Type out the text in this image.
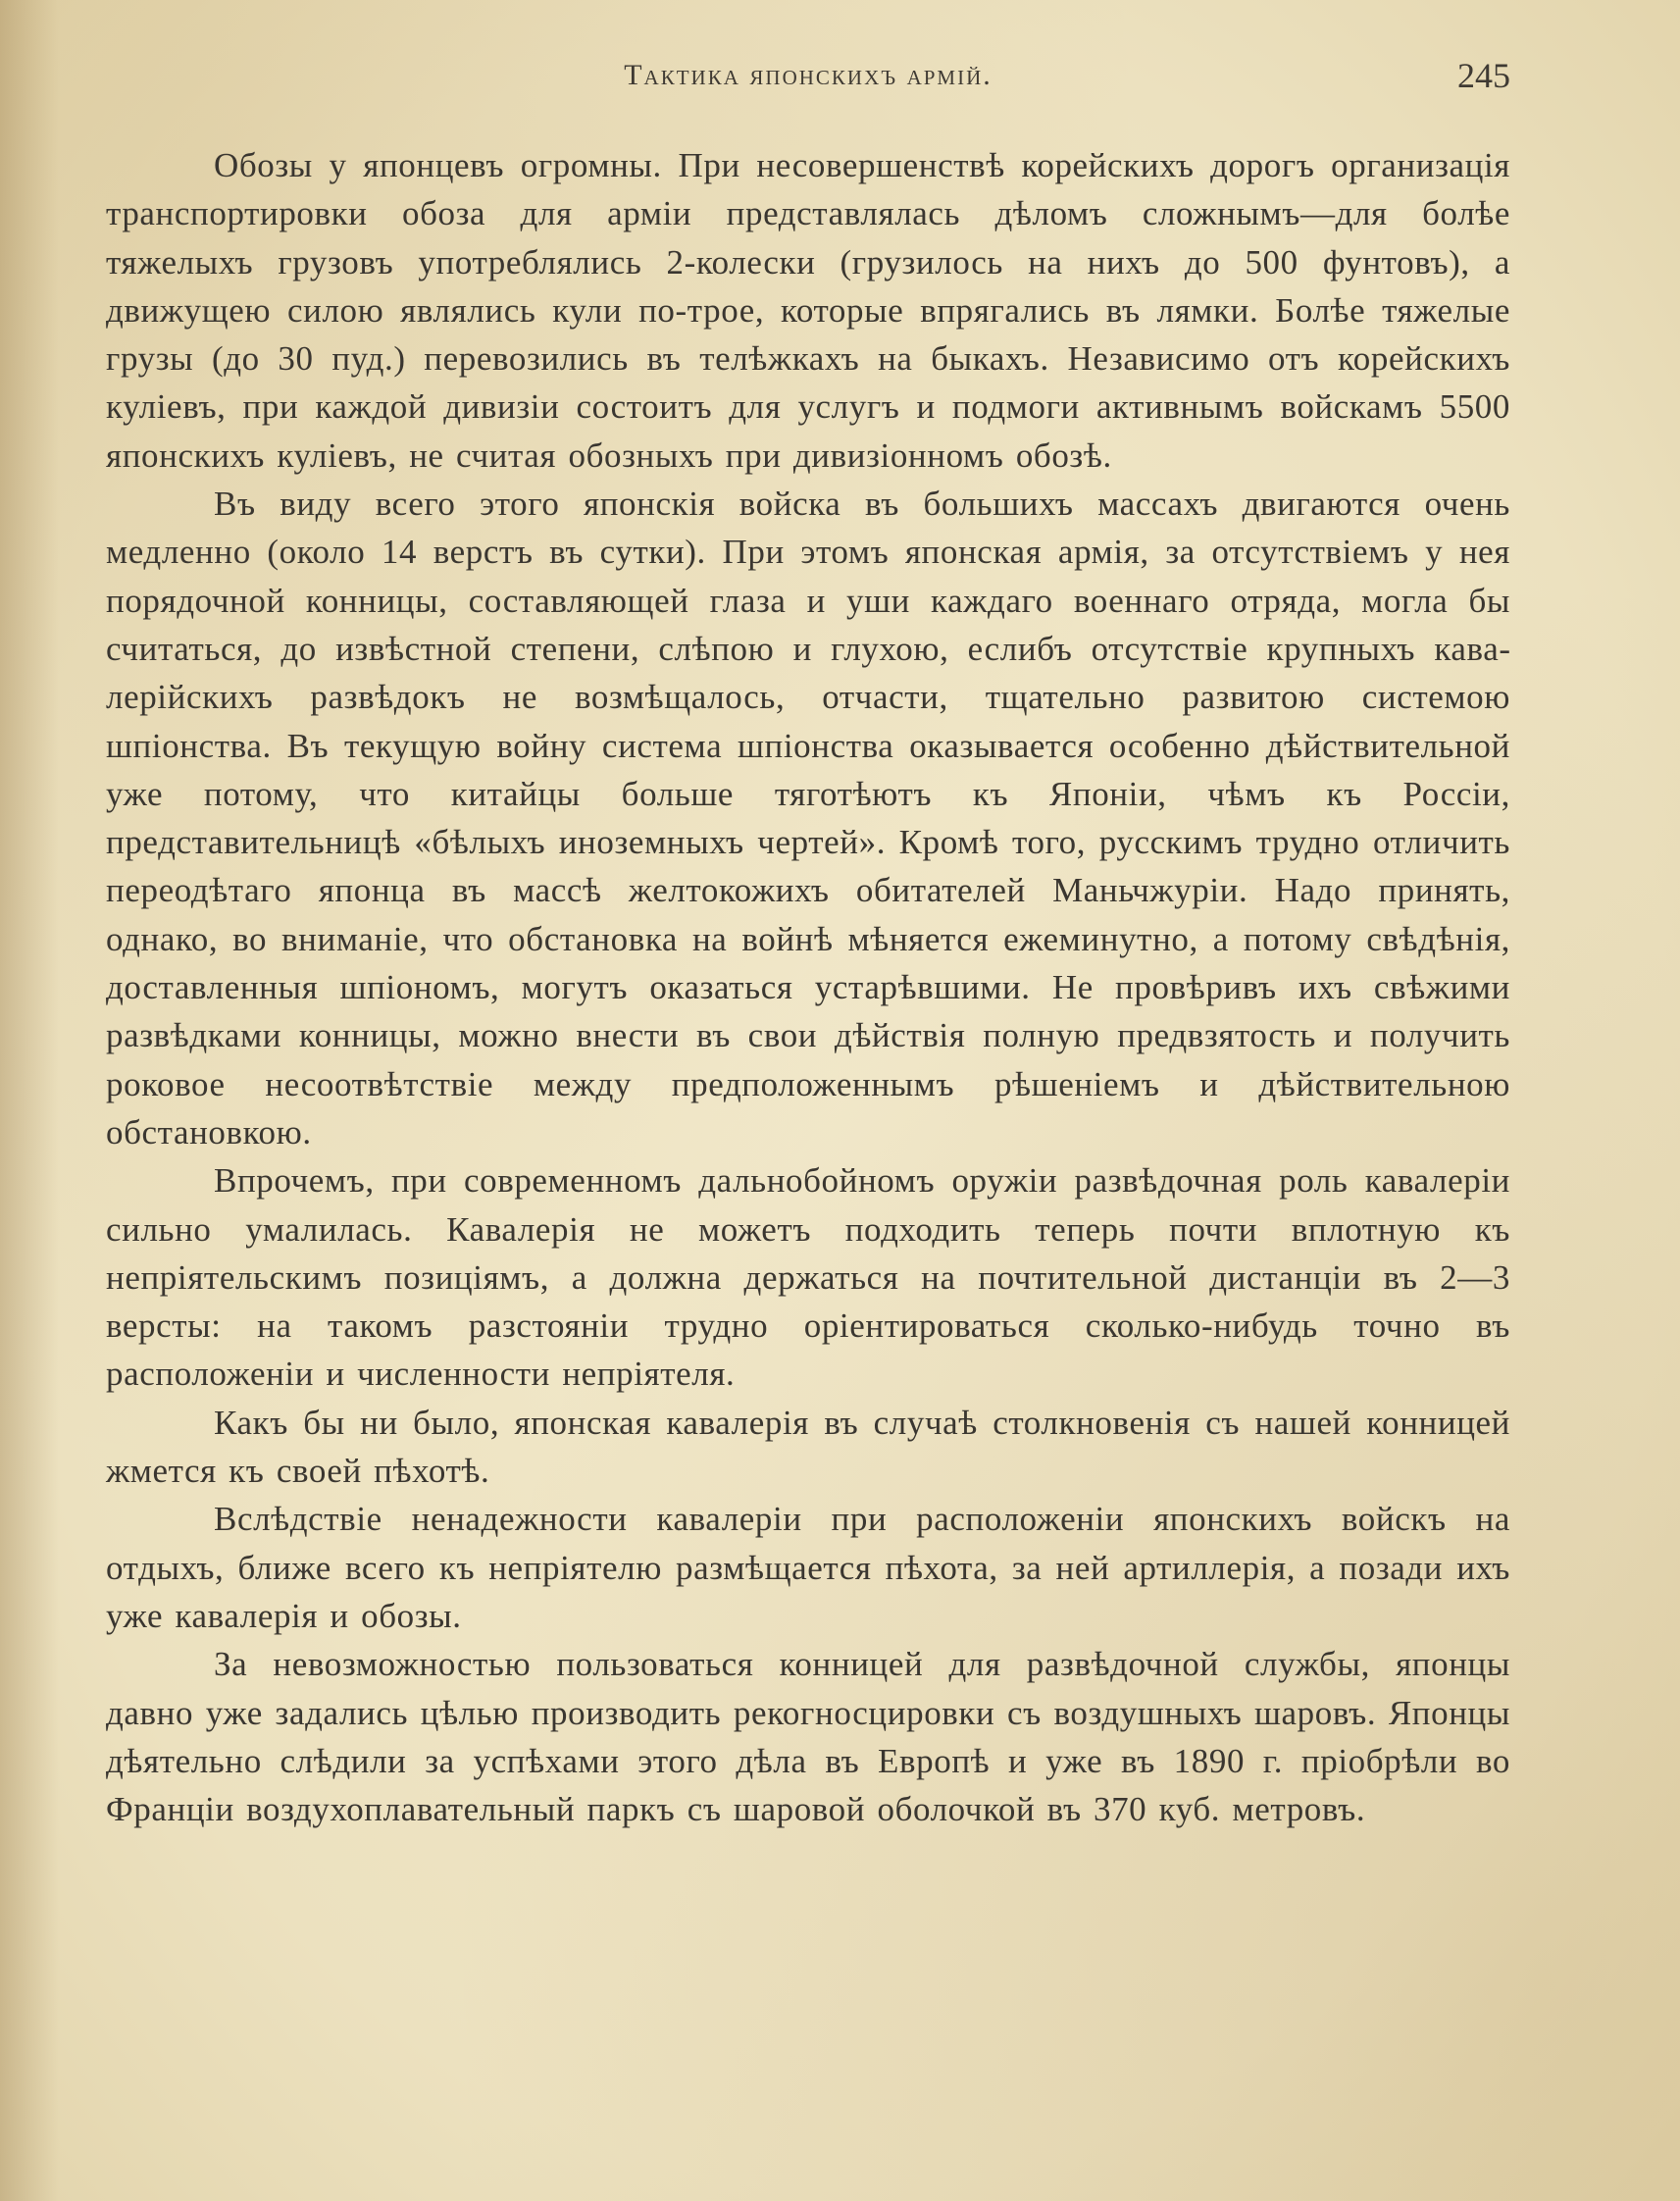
Тактика японскихъ армій.	245

Обозы у японцевъ огромны. При несовершенствѣ корейскихъ дорогъ организація транспортировки обоза для арміи представлялась дѣломъ сложнымъ—для болѣе тяжелыхъ грузовъ употреблялись 2-колески (грузилось на нихъ до 500 фунтовъ), а движущею силою являлись кули по-трое, которые впрягались въ лямки. Болѣе тяжелые грузы (до 30 пуд.) перевозились въ телѣжкахъ на быкахъ. Независимо отъ корейскихъ кулiевъ, при каждой дивизіи состоитъ для услугъ и подмоги активнымъ войскамъ 5500 японскихъ кулiевъ, не считая обозныхъ при дивизіонномъ обозѣ.

Въ виду всего этого японскія войска въ большихъ массахъ двигаются очень медленно (около 14 верстъ въ сутки). При этомъ японская армія, за отсутствіемъ у нея порядочной конницы, составляющей глаза и уши каждаго военнаго отряда, могла бы считаться, до извѣстной степени, слѣпою и глухою, еслибъ отсутствіе крупныхъ кавалерійскихъ развѣдокъ не возмѣщалось, отчасти, тщательно развитою системою шпіонства. Въ текущую войну система шпіонства оказывается особенно дѣйствительной уже потому, что китайцы больше тяготѣютъ къ Японіи, чѣмъ къ Россіи, представительницѣ «бѣлыхъ иноземныхъ чертей». Кромѣ того, русскимъ трудно отличить переодѣтаго японца въ массѣ желтокожихъ обитателей Маньчжуріи. Надо принять, однако, во вниманіе, что обстановка на войнѣ мѣняется ежеминутно, а потому свѣдѣнія, доставленныя шпіономъ, могутъ оказаться устарѣвшими. Не провѣривъ ихъ свѣжими развѣдками конницы, можно внести въ свои дѣйствія полную предвзятость и получить роковое несоотвѣтствіе между предположеннымъ рѣшеніемъ и дѣйствительною обстановкою.

Впрочемъ, при современномъ дальнобойномъ оружіи развѣдочная роль кавалеріи сильно умалилась. Кавалерія не можетъ подходить теперь почти вплотную къ непріятельскимъ позиціямъ, а должна держаться на почтительной дистанціи въ 2—3 версты: на такомъ разстояніи трудно оріентироваться сколько-нибудь точно въ расположеніи и численности непріятеля.

Какъ бы ни было, японская кавалерія въ случаѣ столкновенія съ нашей конницей жмется къ своей пѣхотѣ.

Вслѣдствіе ненадежности кавалеріи при расположеніи японскихъ войскъ на отдыхъ, ближе всего къ непріятелю размѣщается пѣхота, за ней артиллерія, а позади ихъ уже кавалерія и обозы.

За невозможностью пользоваться конницей для развѣдочной службы, японцы давно уже задались цѣлью производить рекогносцировки съ воздушныхъ шаровъ. Японцы дѣятельно слѣдили за успѣхами этого дѣла въ Европѣ и уже въ 1890 г. пріобрѣли во Франціи воздухоплавательный паркъ съ шаровой оболочкой въ 370 куб. метровъ.
